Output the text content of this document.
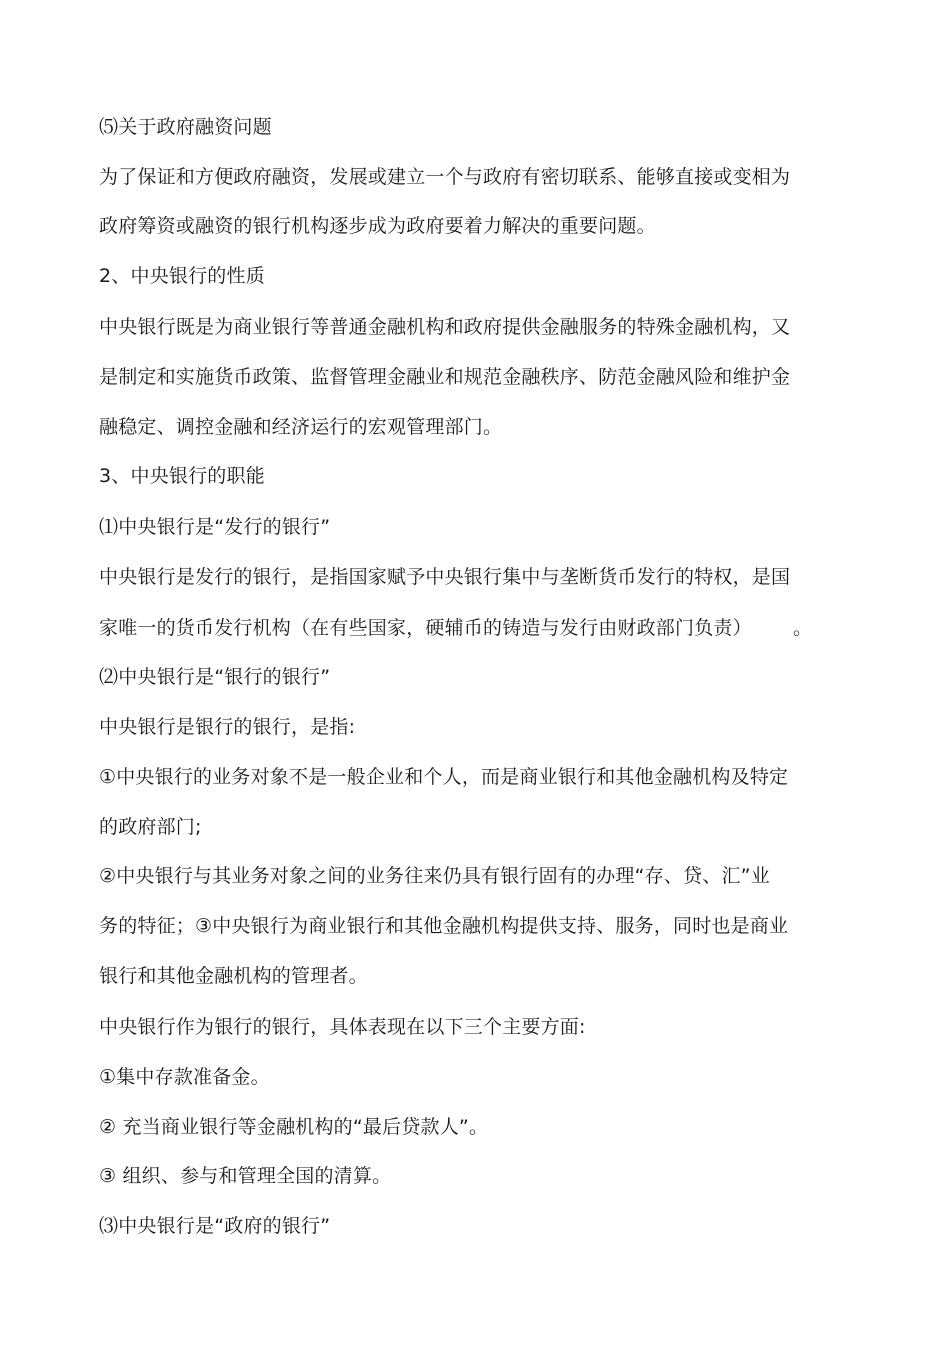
⑸关于政府融资问题
为了保证和方便政府融资，发展或建立一个与政府有密切联系、能够直接或变相为
政府筹资或融资的银行机构逐步成为政府要着力解决的重要问题。
2、中央银行的性质
中央银行既是为商业银行等普通金融机构和政府提供金融服务的特殊金融机构，又
是制定和实施货币政策、监督管理金融业和规范金融秩序、防范金融风险和维护金
融稳定、调控金融和经济运行的宏观管理部门。
3、中央银行的职能
⑴中央银行是“发行的银行”
中央银行是发行的银行，是指国家赋予中央银行集中与垄断货币发行的特权，是国
家唯一的货币发行机构（在有些国家，硬辅币的铸造与发行由财政部门负责） 。
⑵中央银行是“银行的银行”
中央银行是银行的银行，是指:
①中央银行的业务对象不是一般企业和个人，而是商业银行和其他金融机构及特定
的政府部门;
②中央银行与其业务对象之间的业务往来仍具有银行固有的办理“存、贷、汇”业
务的特征；③中央银行为商业银行和其他金融机构提供支持、服务，同时也是商业
银行和其他金融机构的管理者。
中央银行作为银行的银行，具体表现在以下三个主要方面:
①集中存款准备金。
② 充当商业银行等金融机构的“最后贷款人”。
③ 组织、参与和管理全国的清算。
⑶中央银行是“政府的银行”
